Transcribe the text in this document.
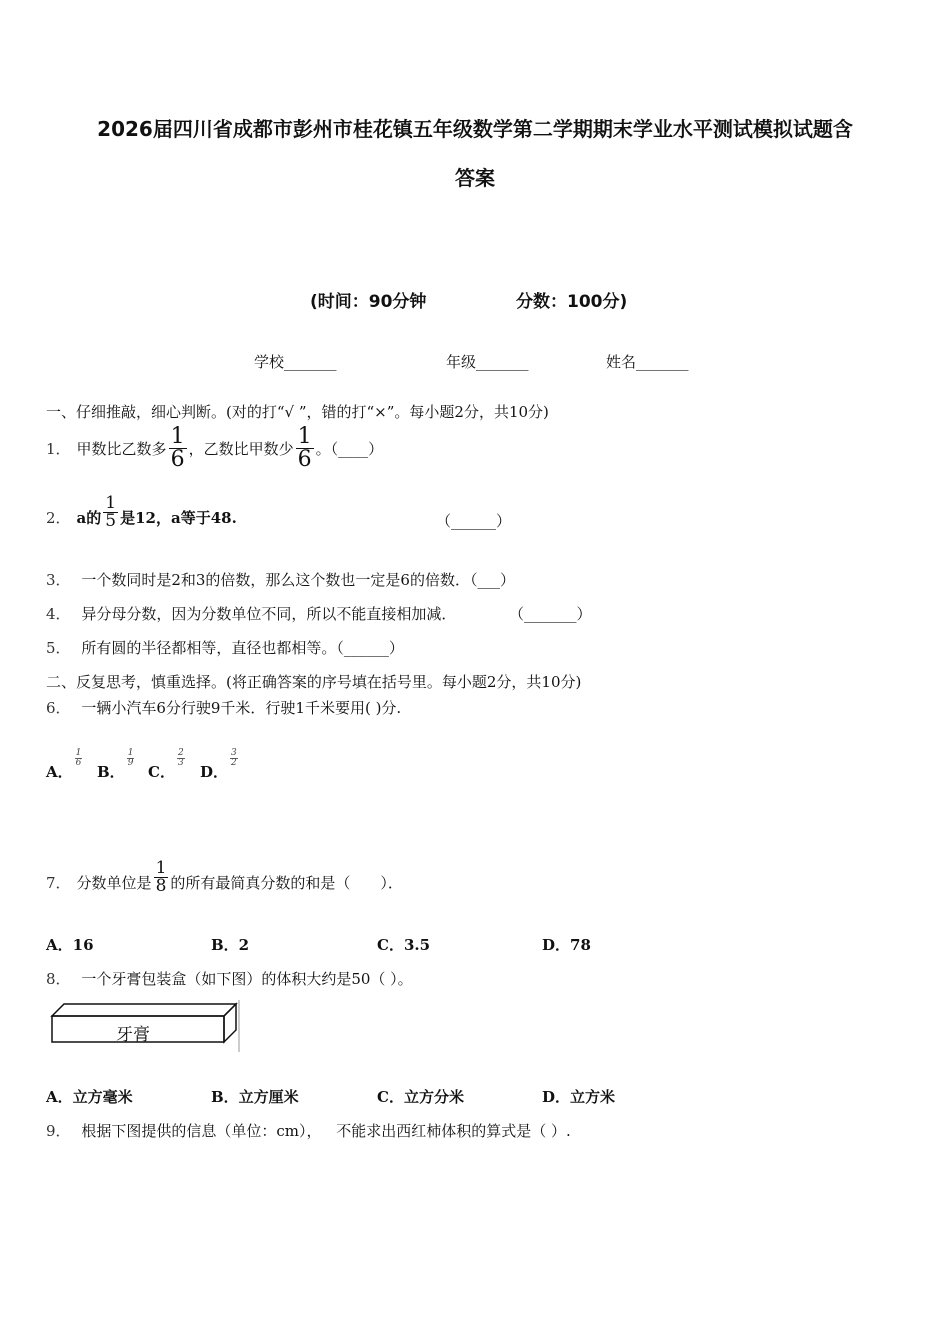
2026届四川省成都市彭州市桂花镇五年级数学第二学期期末学业水平测试模拟试题含
答案
(时间：90分钟	分数：100分)
学校_______	年级_______	姓名_______
一、仔细推敲，细心判断。(对的打“√ ”，错的打“×”。每小题2分，共10分)
1． 甲数比乙数多 $\frac{1}{6}$ ，乙数比甲数少 $\frac{1}{6}$ 。（____）
2． a的 $\frac{1}{5}$ 是12，a等于48.	（______）
3． 一个数同时是2和3的倍数，那么这个数也一定是6的倍数．（___）
4． 异分母分数，因为分数单位不同，所以不能直接相加减．	（_______）
5． 所有圆的半径都相等，直径也都相等。（______）
二、反复思考，慎重选择。(将正确答案的序号填在括号里。每小题2分，共10分)
6． 一辆小汽车6分行驶9千米．行驶1千米要用( )分.
A．
$\frac{1}{6}$
B．
$\frac{1}{9}$
C．
$\frac{2}{3}$
D．
$\frac{3}{2}$
7． 分数单位是 $\frac{1}{8}$ 的所有最简真分数的和是（　　）．
A．16	B．2	C．3.5	D．78
8． 一个牙膏包装盒（如下图）的体积大约是50（ ）。
牙膏
A．立方毫米	B．立方厘米	C．立方分米	D．立方米
9． 根据下图提供的信息（单位：cm）， 不能求出西红柿体积的算式是（ ）.
